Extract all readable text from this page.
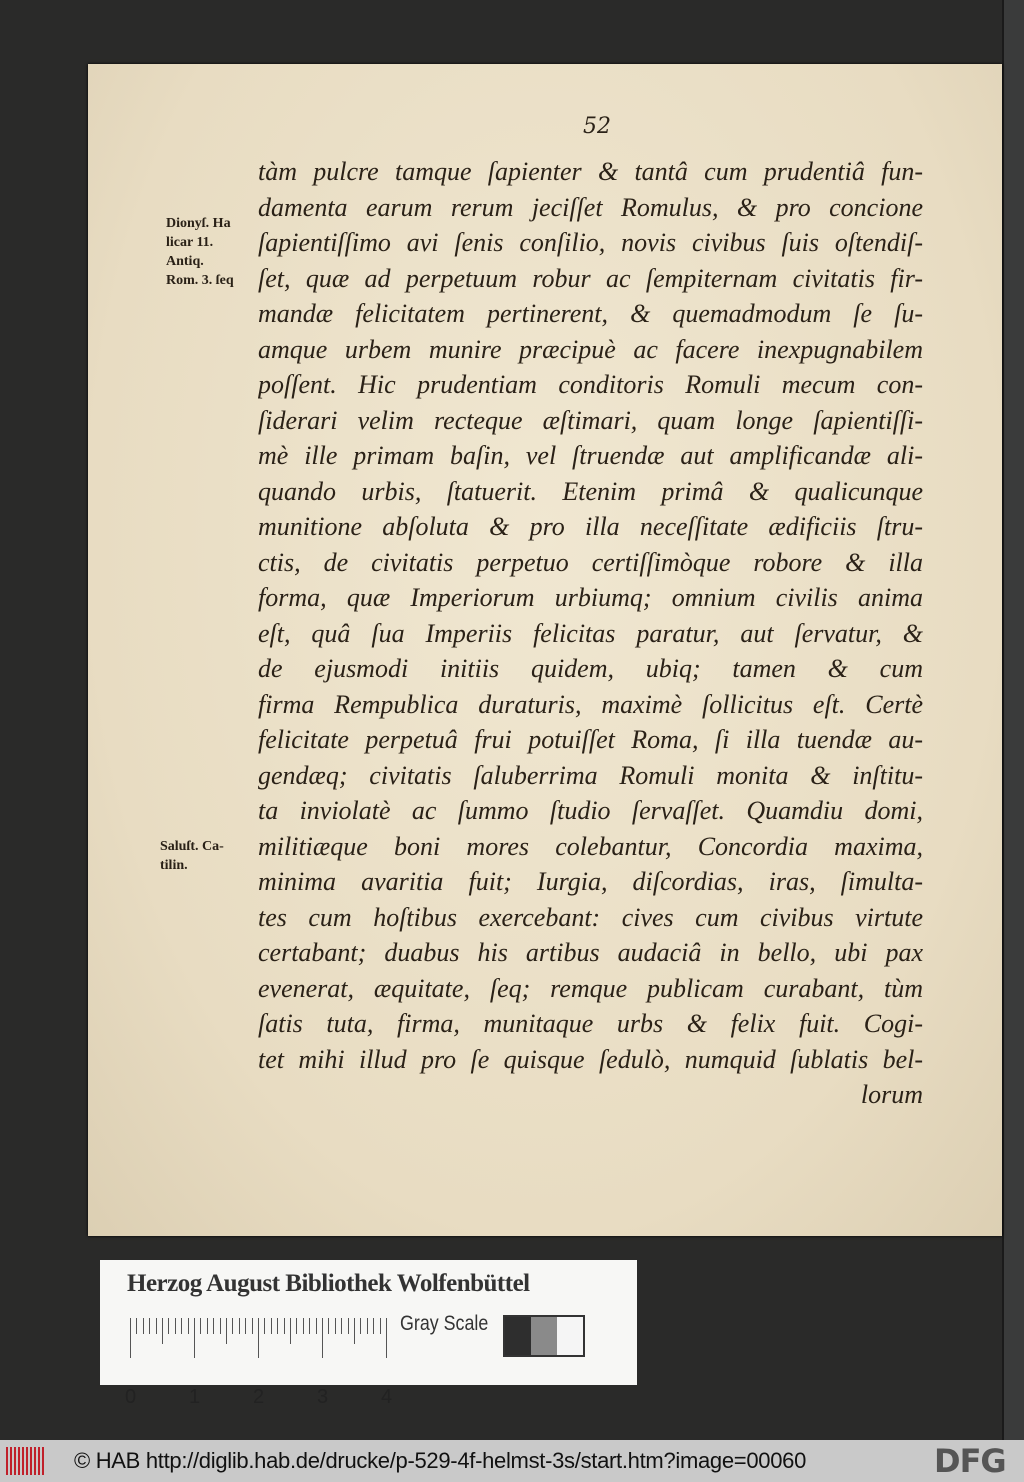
52
Dionyſ. Ha
licar 11.
Antiq.
Rom. 3. ſeq
Saluſt. Ca-
tilin.
tàm pulcre tamque ſapienter & tantâ cum prudentiâ fun-
damenta earum rerum jeciſſet Romulus, & pro concione
ſapientiſſimo avi ſenis conſilio, novis civibus ſuis oſtendiſ-
ſet, quæ ad perpetuum robur ac ſempiternam civitatis fir-
mandæ felicitatem pertinerent, & quemadmodum ſe ſu-
amque urbem munire præcipuè ac facere inexpugnabilem
poſſent. Hic prudentiam conditoris Romuli mecum con-
ſiderari velim recteque æſtimari, quam longe ſapientiſſi-
mè ille primam baſin, vel ſtruendæ aut amplificandæ ali-
quando urbis, ſtatuerit. Etenim primâ & qualicunque
munitione abſoluta & pro illa neceſſitate ædificiis ſtru-
ctis, de civitatis perpetuo certiſſimòque robore & illa
forma, quæ Imperiorum urbiumq; omnium civilis anima
eſt, quâ ſua Imperiis felicitas paratur, aut ſervatur, &
de ejusmodi initiis quidem, ubiq; tamen & cum
firma Rempublica duraturis, maximè ſollicitus eſt. Certè
felicitate perpetuâ frui potuiſſet Roma, ſi illa tuendæ au-
gendæq; civitatis ſaluberrima Romuli monita & inſtitu-
ta inviolatè ac ſummo ſtudio ſervaſſet. Quamdiu domi,
militiæque boni mores colebantur, Concordia maxima,
minima avaritia fuit; Iurgia, diſcordias, iras, ſimulta-
tes cum hoſtibus exercebant: cives cum civibus virtute
certabant; duabus his artibus audaciâ in bello, ubi pax
evenerat, æquitate, ſeq; remque publicam curabant, tùm
ſatis tuta, firma, munitaque urbs & felix fuit. Cogi-
tet mihi illud pro ſe quisque ſedulò, numquid ſublatis bel-
lorum
Herzog August Bibliothek Wolfenbüttel
0	1	2	3	4
Gray Scale
© HAB http://diglib.hab.de/drucke/p-529-4f-helmst-3s/start.htm?image=00060	DFG
